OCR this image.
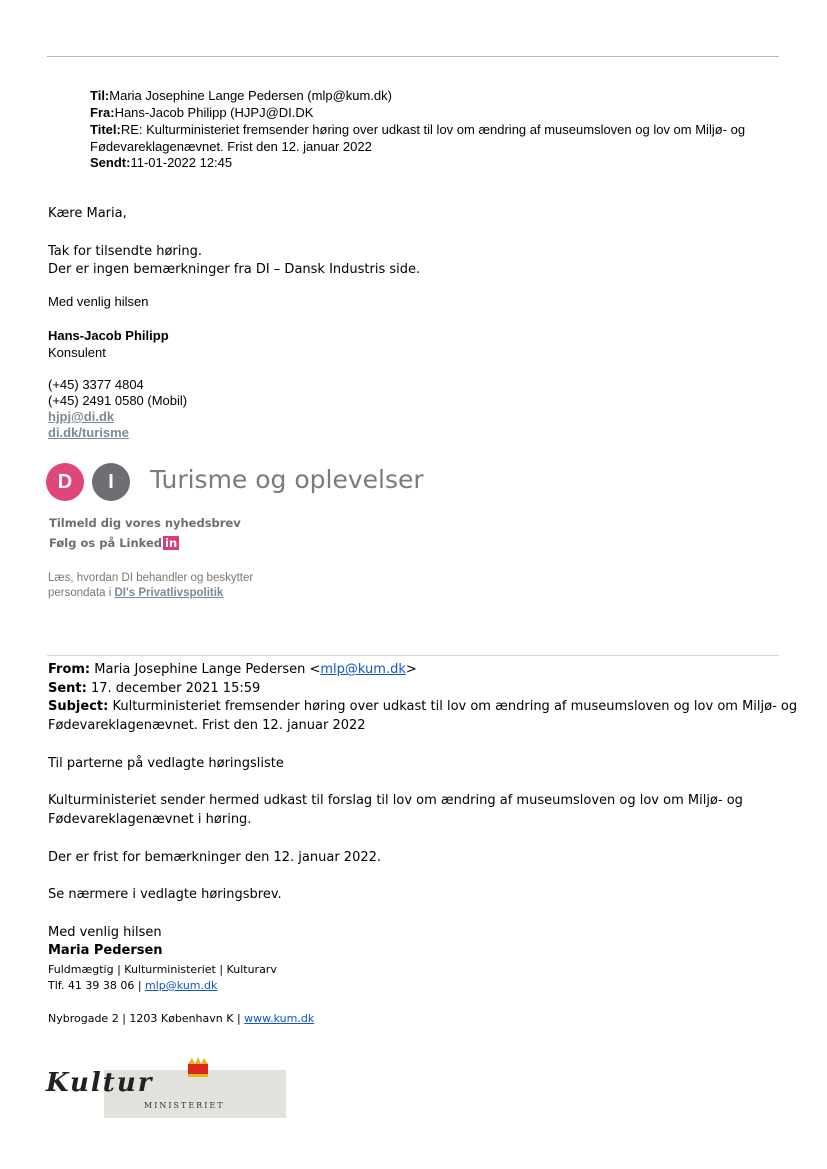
Til:Maria Josephine Lange Pedersen (mlp@kum.dk)
Fra:Hans-Jacob Philipp (HJPJ@DI.DK
Titel:RE: Kulturministeriet fremsender høring over udkast til lov om ændring af museumsloven og lov om Miljø- og
Fødevareklagenævnet. Frist den 12. januar 2022
Sendt:11-01-2022 12:45
Kære Maria,
Tak for tilsendte høring.
Der er ingen bemærkninger fra DI – Dansk Industris side.
Med venlig hilsen
Hans-Jacob Philipp
Konsulent
(+45) 3377 4804
(+45) 2491 0580 (Mobil)
hjpj@di.dk
di.dk/turisme
D	I	Turisme og oplevelser
Tilmeld dig vores nyhedsbrev
Følg os på Linked in
Læs, hvordan DI behandler og beskytter
persondata i DI's Privatlivspolitik
From: Maria Josephine Lange Pedersen <mlp@kum.dk>
Sent: 17. december 2021 15:59
Subject: Kulturministeriet fremsender høring over udkast til lov om ændring af museumsloven og lov om Miljø- og
Fødevareklagenævnet. Frist den 12. januar 2022
Til parterne på vedlagte høringsliste
Kulturministeriet sender hermed udkast til forslag til lov om ændring af museumsloven og lov om Miljø- og
Fødevareklagenævnet i høring.
Der er frist for bemærkninger den 12. januar 2022.
Se nærmere i vedlagte høringsbrev.
Med venlig hilsen
Maria Pedersen
Fuldmægtig | Kulturministeriet | Kulturarv
Tlf. 41 39 38 06 | mlp@kum.dk
Nybrogade 2 | 1203 København K | www.kum.dk
Kultur
MINISTERIET
